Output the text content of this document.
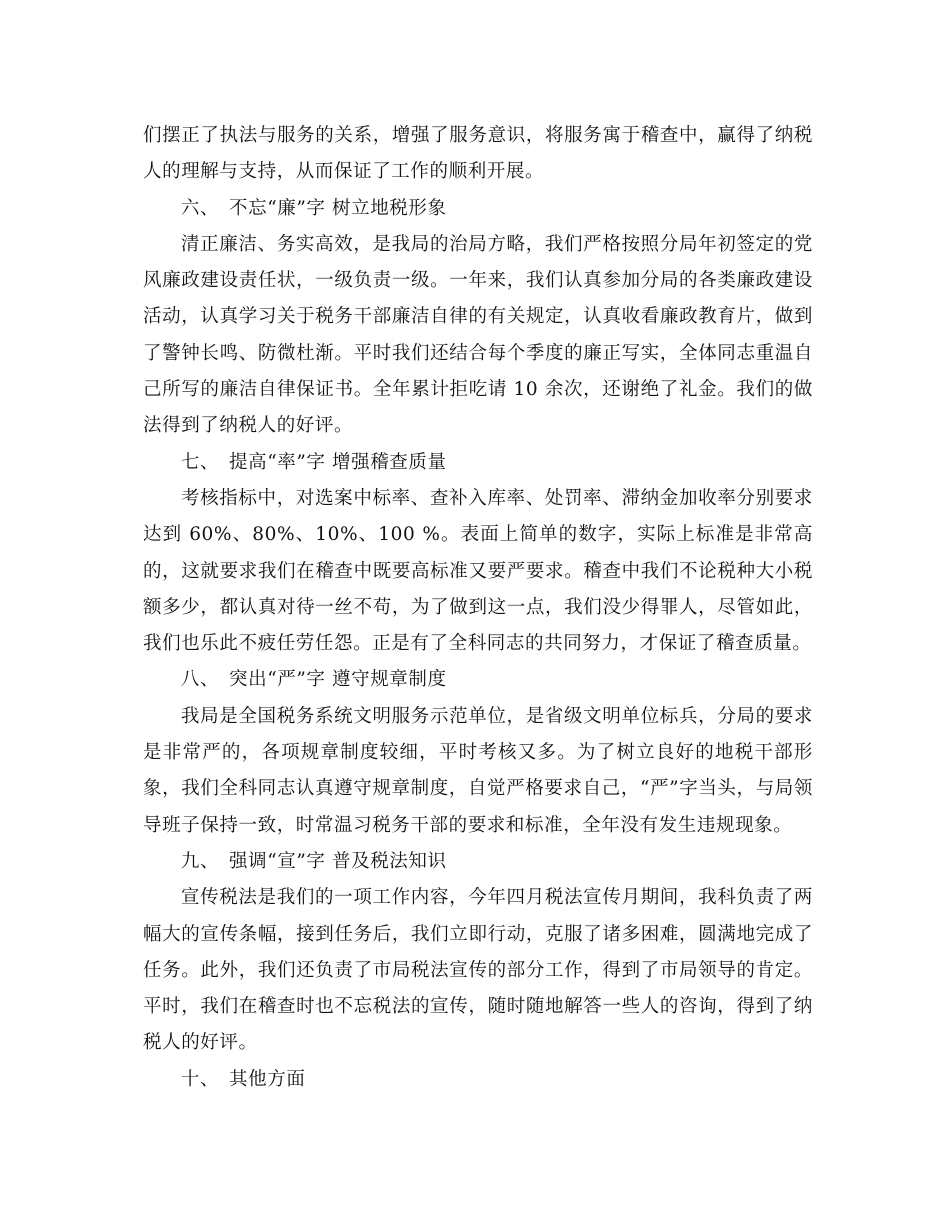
们摆正了执法与服务的关系，增强了服务意识，将服务寓于稽查中，赢得了纳税人的理解与支持，从而保证了工作的顺利开展。

六、 不忘“廉”字 树立地税形象

清正廉洁、务实高效，是我局的治局方略，我们严格按照分局年初签定的党风廉政建设责任状，一级负责一级。一年来，我们认真参加分局的各类廉政建设活动，认真学习关于税务干部廉洁自律的有关规定，认真收看廉政教育片，做到了警钟长鸣、防微杜渐。平时我们还结合每个季度的廉正写实，全体同志重温自己所写的廉洁自律保证书。全年累计拒吃请 10 余次，还谢绝了礼金。我们的做法得到了纳税人的好评。

七、 提高“率”字 增强稽查质量

考核指标中，对选案中标率、查补入库率、处罚率、滞纳金加收率分别要求达到 60%、80%、10%、100 %。表面上简单的数字，实际上标准是非常高的，这就要求我们在稽查中既要高标准又要严要求。稽查中我们不论税种大小税额多少，都认真对待一丝不苟，为了做到这一点，我们没少得罪人，尽管如此，我们也乐此不疲任劳任怨。正是有了全科同志的共同努力，才保证了稽查质量。

八、 突出“严”字 遵守规章制度

我局是全国税务系统文明服务示范单位，是省级文明单位标兵，分局的要求是非常严的，各项规章制度较细，平时考核又多。为了树立良好的地税干部形象，我们全科同志认真遵守规章制度，自觉严格要求自己，“严”字当头，与局领导班子保持一致，时常温习税务干部的要求和标准，全年没有发生违规现象。

九、 强调“宣”字 普及税法知识

宣传税法是我们的一项工作内容，今年四月税法宣传月期间，我科负责了两幅大的宣传条幅，接到任务后，我们立即行动，克服了诸多困难，圆满地完成了任务。此外，我们还负责了市局税法宣传的部分工作，得到了市局领导的肯定。平时，我们在稽查时也不忘税法的宣传，随时随地解答一些人的咨询，得到了纳税人的好评。

十、 其他方面
